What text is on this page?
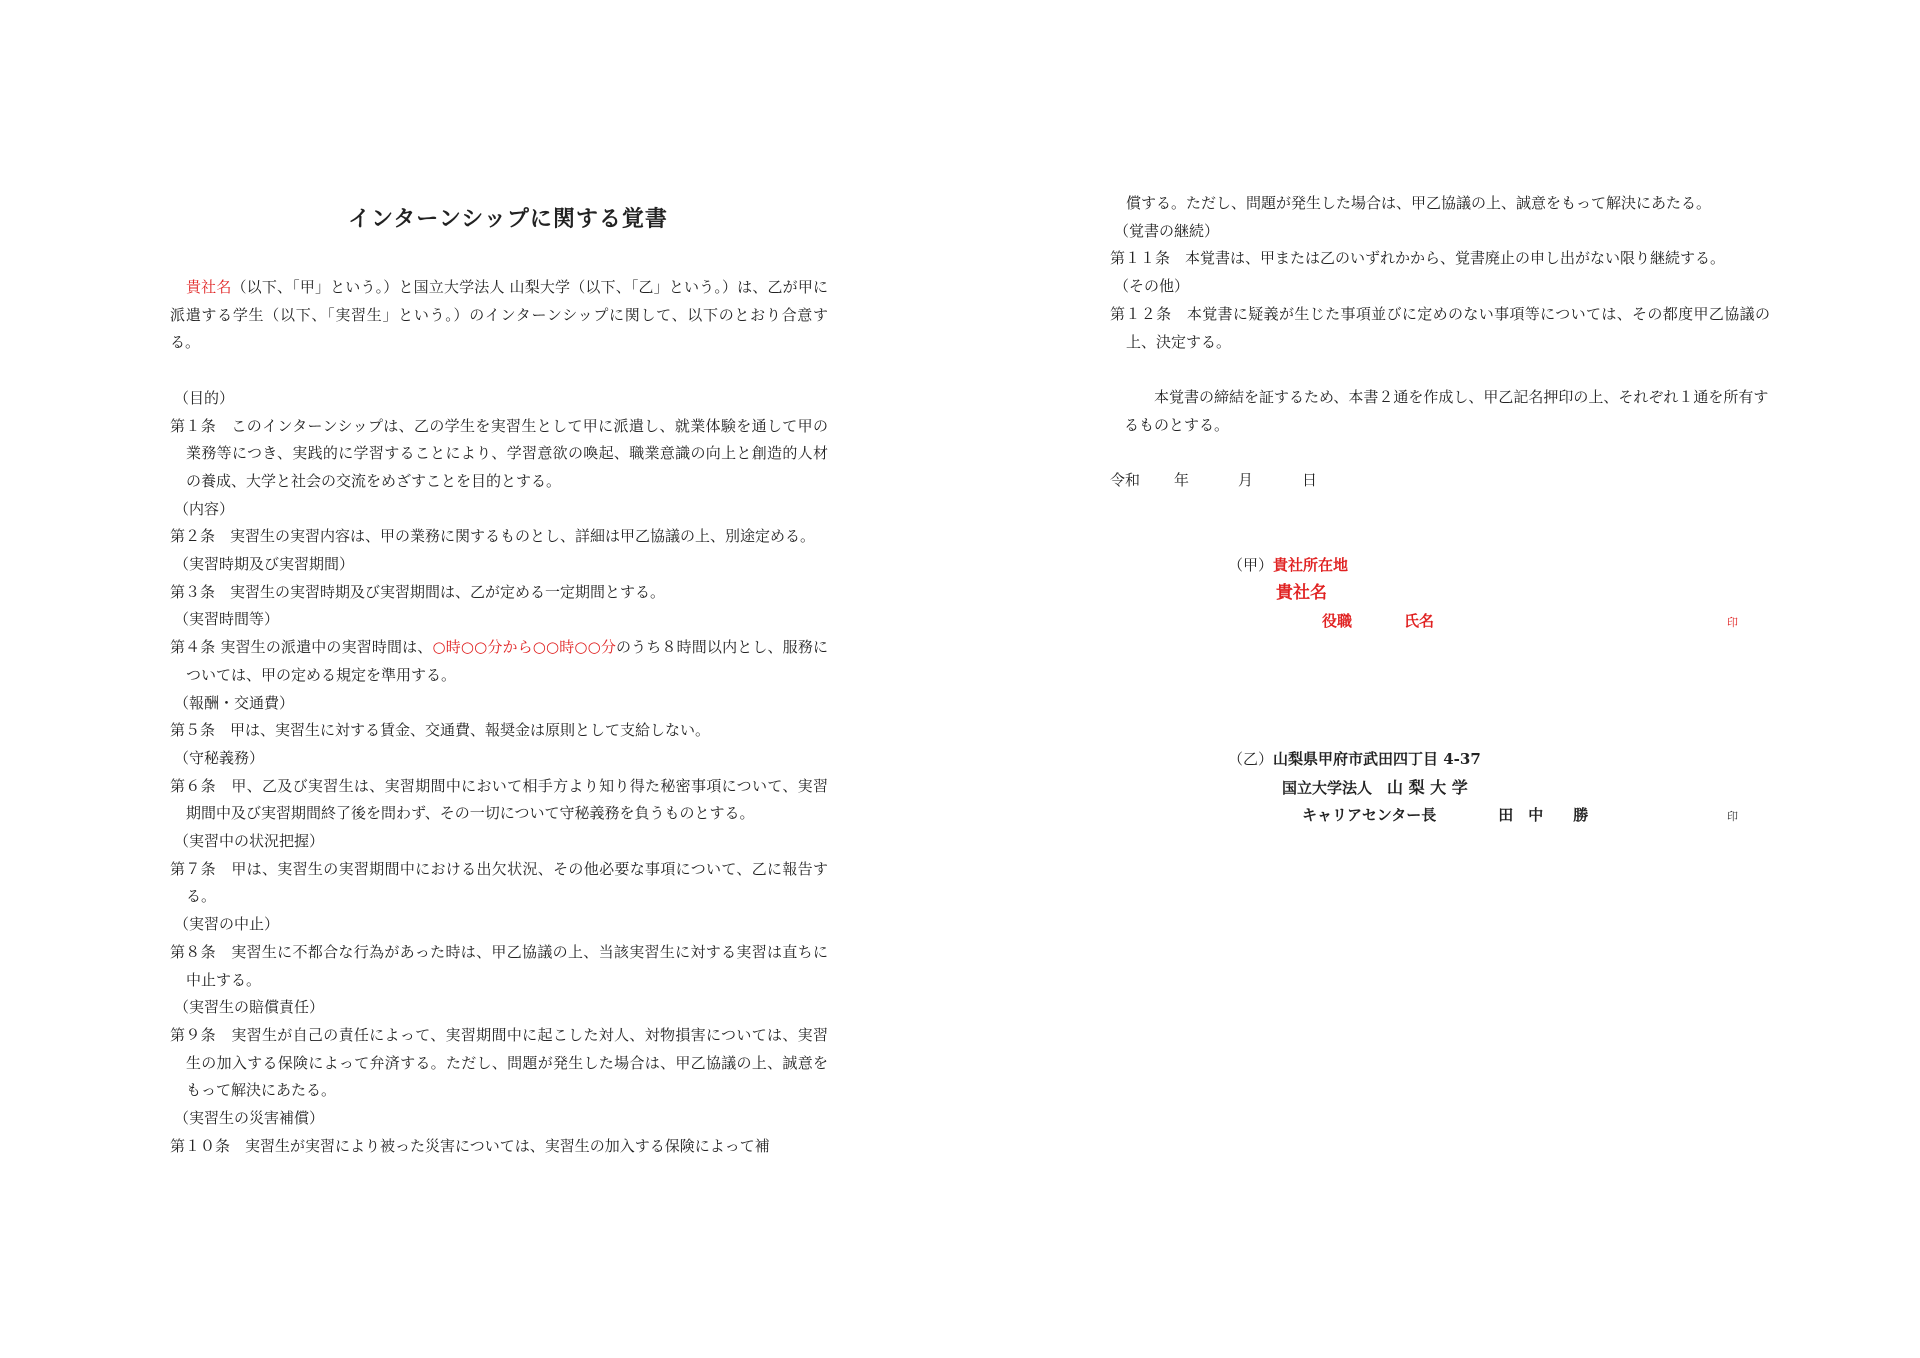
インターンシップに関する覚書

貴社名（以下、「甲」という。）と国立大学法人 山梨大学（以下、「乙」という。）は、乙が甲に派遣する学生（以下、「実習生」という。）のインターンシップに関して、以下のとおり合意する。

（目的）

第１条　 このインターンシップは、乙の学生を実習生として甲に派遣し、就業体験を通して甲の業務等につき、実践的に学習することにより、学習意欲の喚起、職業意識の向上と創造的人材の養成、大学と社会の交流をめざすことを目的とする。

（内容）

第２条　 実習生の実習内容は、甲の業務に関するものとし、詳細は甲乙協議の上、別途定める。

（実習時期及び実習期間）

第３条　 実習生の実習時期及び実習期間は、乙が定める一定期間とする。

（実習時間等）

第４条 実習生の派遣中の実習時間は、○時○○分から○○時○○分のうち８時間以内とし、服務については、甲の定める規定を準用する。

（報酬・交通費）

第５条　 甲は、実習生に対する賃金、交通費、報奨金は原則として支給しない。

（守秘義務）

第６条　 甲、乙及び実習生は、実習期間中において相手方より知り得た秘密事項について、実習期間中及び実習期間終了後を問わず、その一切について守秘義務を負うものとする。

（実習中の状況把握）

第７条　 甲は、実習生の実習期間中における出欠状況、その他必要な事項について、乙に報告する。

（実習の中止）

第８条　 実習生に不都合な行為があった時は、甲乙協議の上、当該実習生に対する実習は直ちに中止する。

（実習生の賠償責任）

第９条　 実習生が自己の責任によって、実習期間中に起こした対人、対物損害については、実習生の加入する保険によって弁済する。ただし、問題が発生した場合は、甲乙協議の上、誠意をもって解決にあたる。

（実習生の災害補償）

第１０条　 実習生が実習により被った災害については、実習生の加入する保険によって補

償する。ただし、問題が発生した場合は、甲乙協議の上、誠意をもって解決にあたる。

（覚書の継続）

第１１条　 本覚書は、甲または乙のいずれかから、覚書廃止の申し出がない限り継続する。

（その他）

第１２条　 本覚書に疑義が生じた事項並びに定めのない事項等については、その都度甲乙協議の上、決定する。

本覚書の締結を証するため、本書２通を作成し、甲乙記名押印の上、それぞれ１通を所有するものとする。

令和 年	月	日
（甲）貴社所在地
貴社名
役職	氏名	印
（乙）山梨県甲府市武田四丁目 4-37
国立大学法人　 山 梨 大 学
キャリアセンター長	田　中　　勝	印
